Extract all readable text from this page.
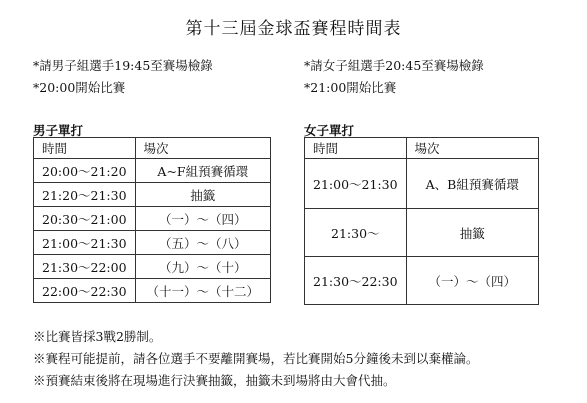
第十三屆金球盃賽程時間表
*請男子組選手19:45至賽場檢錄
*20:00開始比賽
*請女子組選手20:45至賽場檢錄
*21:00開始比賽
男子單打	女子單打
時間	場次
20:00～21:20	A~F組預賽循環
21:20～21:30	抽籤
20:30～21:00	（一）～（四）
21:00～21:30	（五）～（八）
21:30～22:00	（九）～（十）
22:00～22:30	（十一）～（十二）
時間	場次
21:00～21:30	A、B組預賽循環
21:30～	抽籤
21:30～22:30	（一）～（四）
※比賽皆採3戰2勝制。
※賽程可能提前，請各位選手不要離開賽場，若比賽開始5分鐘後未到以棄權論。
※預賽結束後將在現場進行決賽抽籤，抽籤未到場將由大會代抽。
